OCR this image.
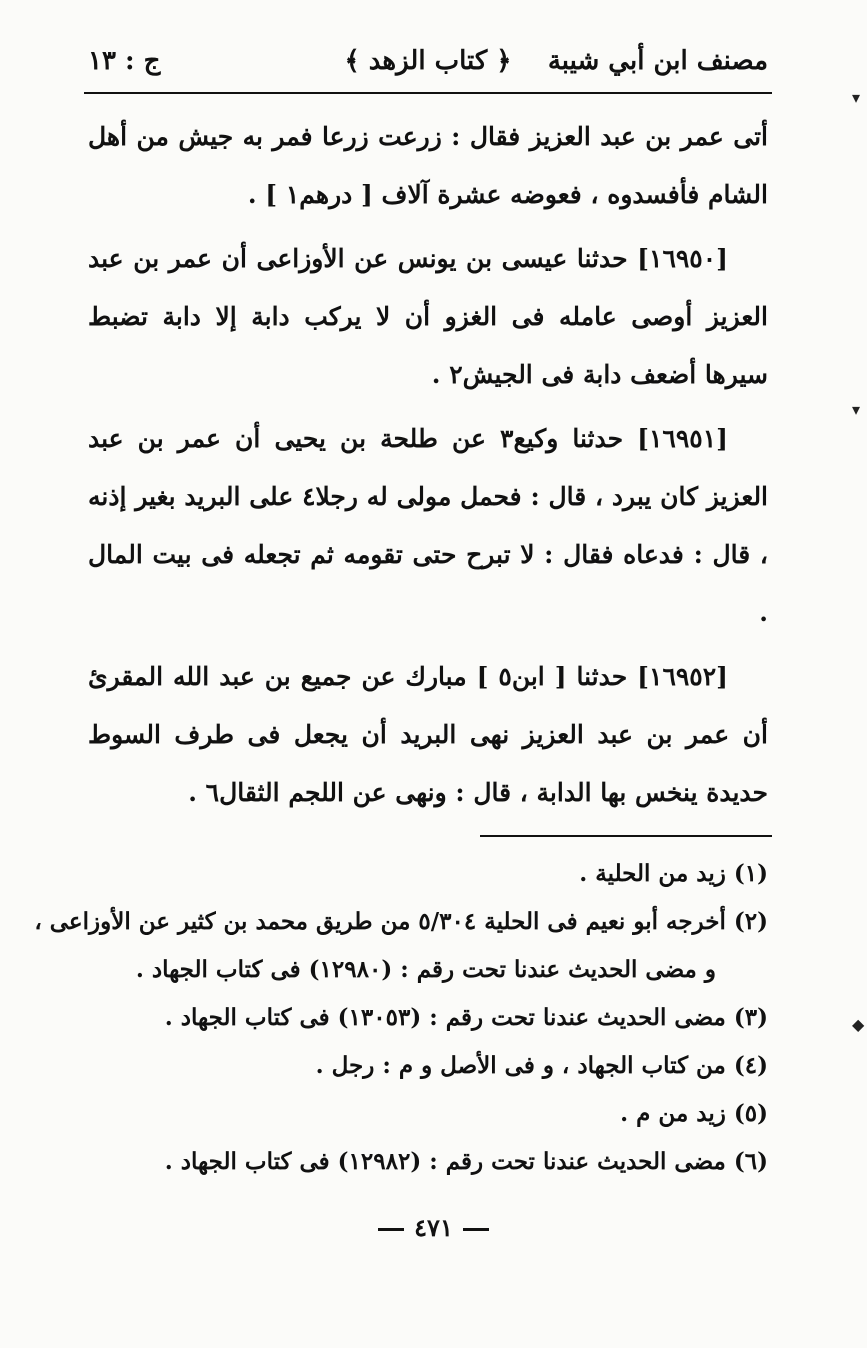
مصنف ابن أبي شيبة
﴿ كتاب الزهد ﴾
ج : ١٣

أتى عمر بن عبد العزيز فقال : زرعت زرعا فمر به جيش من أهل الشام فأفسدوه ، فعوضه عشرة آلاف [ درهم١ ] .

[١٦٩٥٠] حدثنا عيسى بن يونس عن الأوزاعى أن عمر بن عبد العزيز أوصى عامله فى الغزو أن لا يركب دابة إلا دابة تضبط سيرها أضعف دابة فى الجيش٢ .

[١٦٩٥١] حدثنا وكيع٣ عن طلحة بن يحيى أن عمر بن عبد العزيز كان يبرد ، قال : فحمل مولى له رجلا٤ على البريد بغير إذنه ، قال : فدعاه فقال : لا تبرح حتى تقومه ثم تجعله فى بيت المال .

[١٦٩٥٢] حدثنا [ ابن٥ ] مبارك عن جميع بن عبد الله المقرئ أن عمر بن عبد العزيز نهى البريد أن يجعل فى طرف السوط حديدة ينخس بها الدابة ، قال : ونهى عن اللجم الثقال٦ .

(١) زيد من الحلية .
(٢) أخرجه أبو نعيم فى الحلية ٥/٣٠٤ من طريق محمد بن كثير عن الأوزاعى ،
و مضى الحديث عندنا تحت رقم : (١٢٩٨٠) فى كتاب الجهاد .
(٣) مضى الحديث عندنا تحت رقم : (١٣٠٥٣) فى كتاب الجهاد .
(٤) من كتاب الجهاد ، و فى الأصل و م : رجل .
(٥) زيد من م .
(٦) مضى الحديث عندنا تحت رقم : (١٢٩٨٢) فى كتاب الجهاد .
٤٧١
▾
▾
◆
